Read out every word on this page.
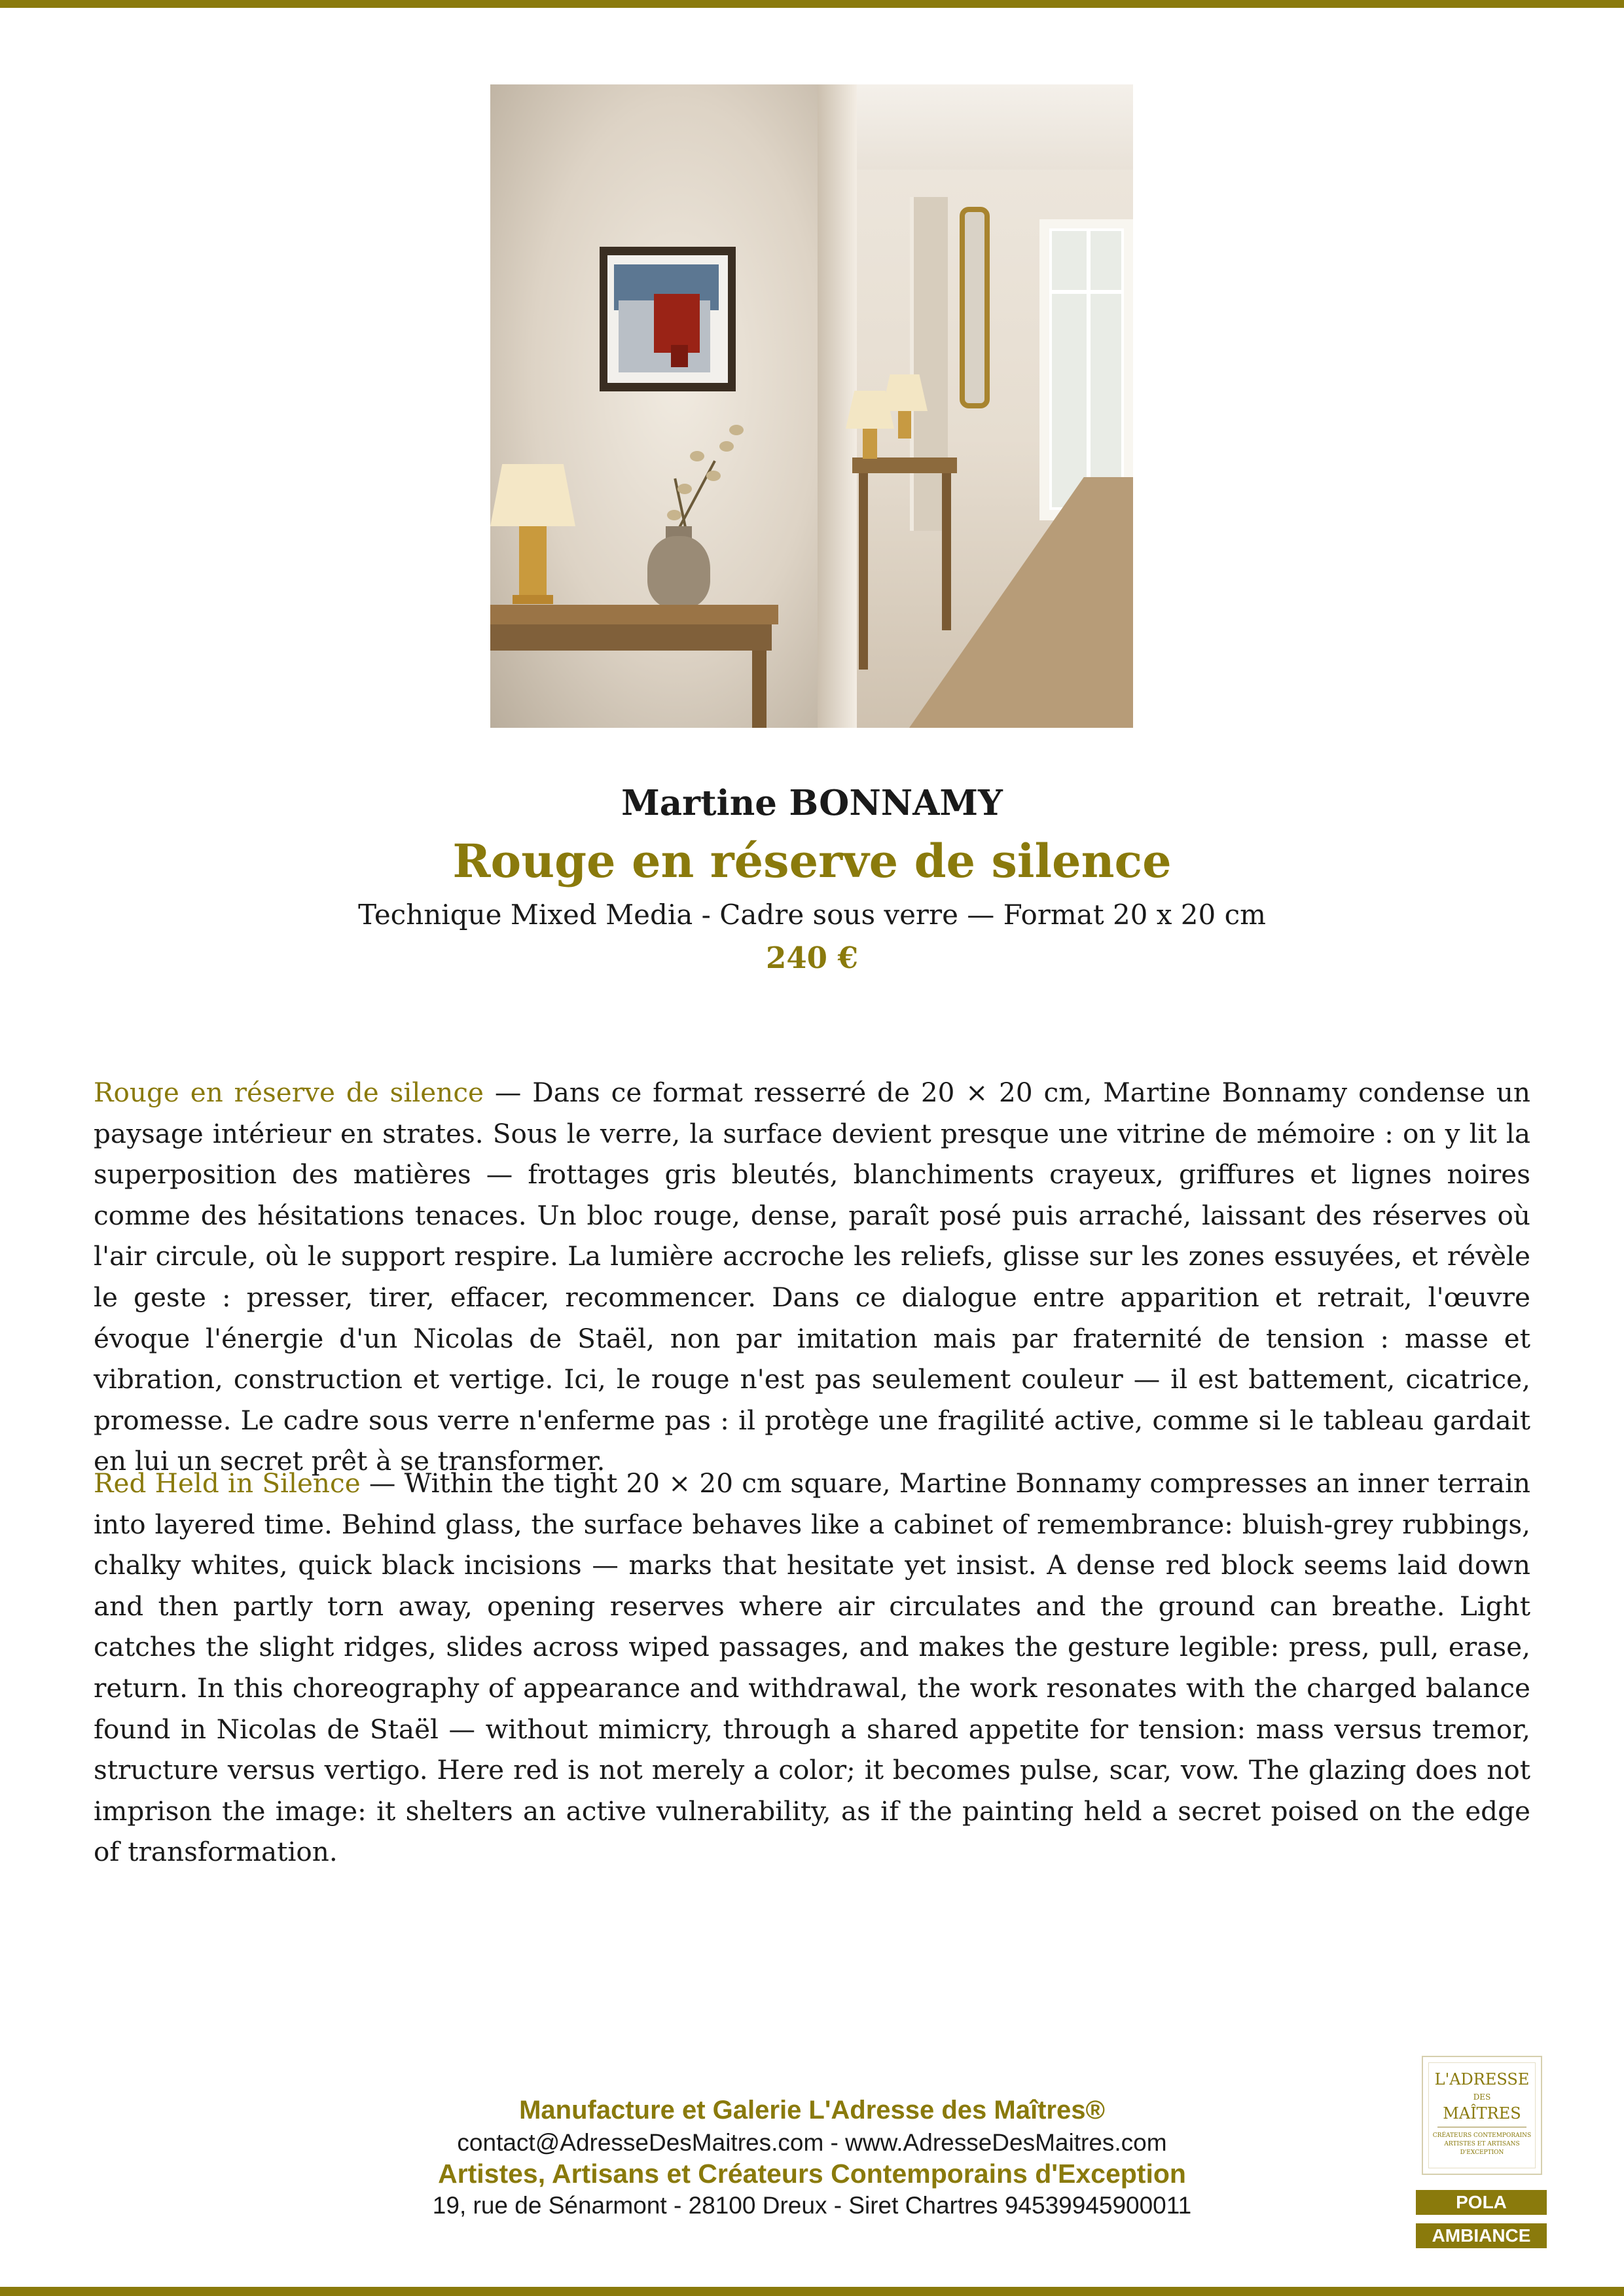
Martine BONNAMY
Rouge en réserve de silence
Technique Mixed Media - Cadre sous verre — Format 20 x 20 cm
240 €

Rouge en réserve de silence — Dans ce format resserré de 20 × 20 cm, Martine Bonnamy condense un paysage intérieur en strates. Sous le verre, la surface devient presque une vitrine de mémoire : on y lit la superposition des matières — frottages gris bleutés, blanchiments crayeux, griffures et lignes noires comme des hésitations tenaces. Un bloc rouge, dense, paraît posé puis arraché, laissant des réserves où l'air circule, où le support respire. La lumière accroche les reliefs, glisse sur les zones essuyées, et révèle le geste : presser, tirer, effacer, recommencer. Dans ce dialogue entre apparition et retrait, l'œuvre évoque l'énergie d'un Nicolas de Staël, non par imitation mais par fraternité de tension : masse et vibration, construction et vertige. Ici, le rouge n'est pas seulement couleur — il est battement, cicatrice, promesse. Le cadre sous verre n'enferme pas : il protège une fragilité active, comme si le tableau gardait en lui un secret prêt à se transformer.

Red Held in Silence — Within the tight 20 × 20 cm square, Martine Bonnamy compresses an inner terrain into layered time. Behind glass, the surface behaves like a cabinet of remembrance: bluish-grey rubbings, chalky whites, quick black incisions — marks that hesitate yet insist. A dense red block seems laid down and then partly torn away, opening reserves where air circulates and the ground can breathe. Light catches the slight ridges, slides across wiped passages, and makes the gesture legible: press, pull, erase, return. In this choreography of appearance and withdrawal, the work resonates with the charged balance found in Nicolas de Staël — without mimicry, through a shared appetite for tension: mass versus tremor, structure versus vertigo. Here red is not merely a color; it becomes pulse, scar, vow. The glazing does not imprison the image: it shelters an active vulnerability, as if the painting held a secret poised on the edge of transformation.

Manufacture et Galerie L'Adresse des Maîtres®
contact@AdresseDesMaitres.com - www.AdresseDesMaitres.com
Artistes, Artisans et Créateurs Contemporains d'Exception
19, rue de Sénarmont - 28100 Dreux - Siret Chartres 94539945900011
L'ADRESSE
DES
MAÎTRES
CRÉATEURS CONTEMPORAINS ARTISTES ET ARTISANS D'EXCEPTION
POLA
AMBIANCE
